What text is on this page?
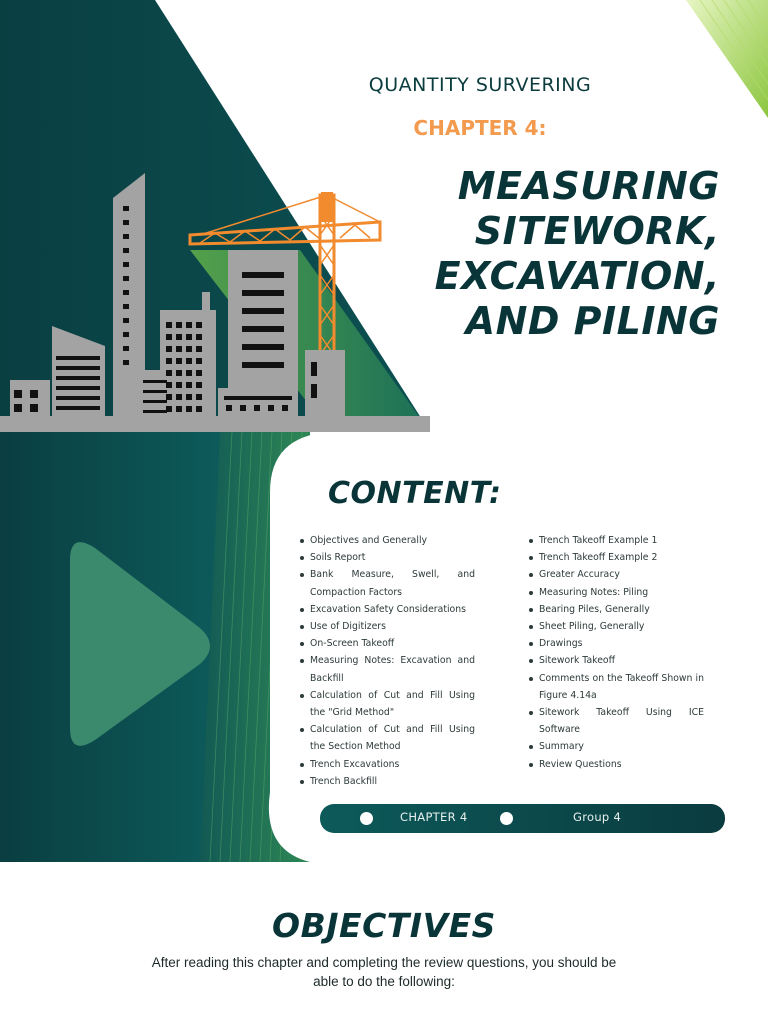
QUANTITY SURVERING
CHAPTER 4:
MEASURING
SITEWORK,
EXCAVATION,
AND PILING
CONTENT:
Objectives and Generally
Soils Report
Bank Measure, Swell, and Compaction Factors
Excavation Safety Considerations
Use of Digitizers
On-Screen Takeoff
Measuring Notes: Excavation and Backfill
Calculation of Cut and Fill Using the "Grid Method"
Calculation of Cut and Fill Using the Section Method
Trench Excavations
Trench Backfill
Trench Takeoff Example 1
Trench Takeoff Example 2
Greater Accuracy
Measuring Notes: Piling
Bearing Piles, Generally
Sheet Piling, Generally
Drawings
Sitework Takeoff
Comments on the Takeoff Shown in Figure 4.14a
Sitework Takeoff Using ICE Software
Summary
Review Questions
CHAPTER 4	Group 4
OBJECTIVES

After reading this chapter and completing the review questions, you should be able to do the following:
